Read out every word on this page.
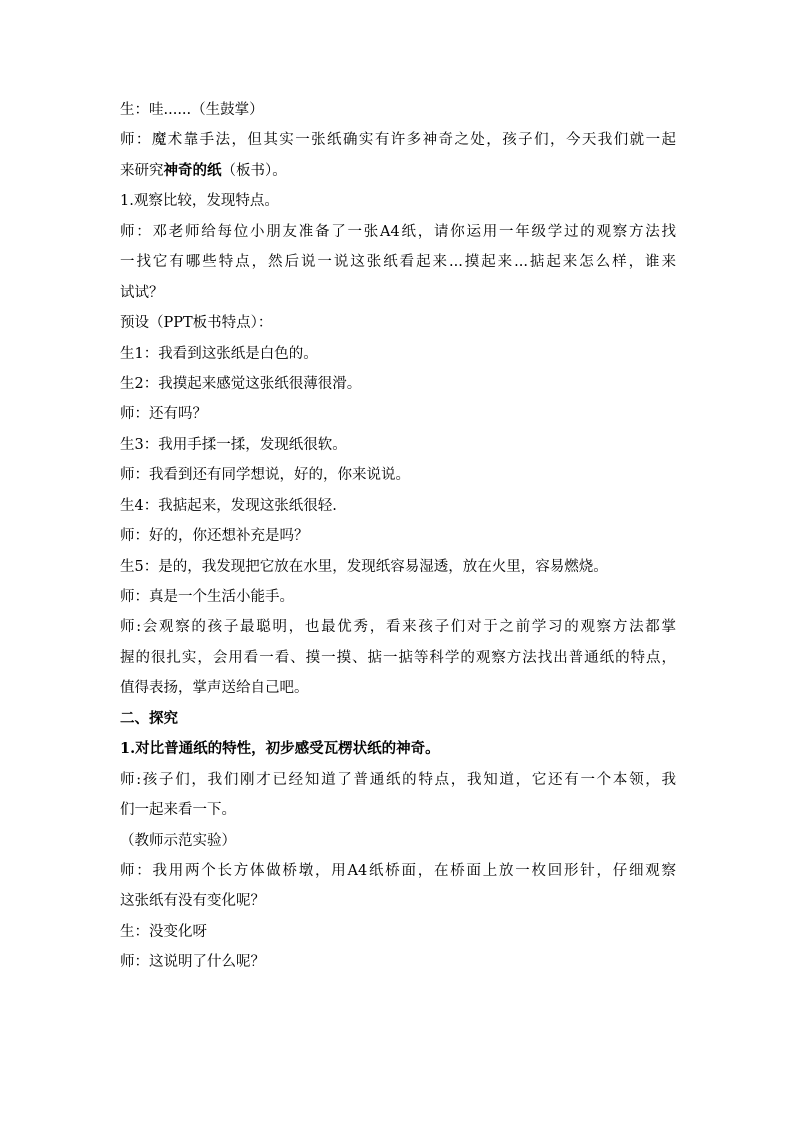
生：哇......（生鼓掌）
师：魔术靠手法，但其实一张纸确实有许多神奇之处，孩子们，今天我们就一起
来研究神奇的纸（板书）。
1.观察比较，发现特点。
师：邓老师给每位小朋友准备了一张A4纸，请你运用一年级学过的观察方法找
一找它有哪些特点，然后说一说这张纸看起来...摸起来...掂起来怎么样，谁来
试试？
预设（PPT板书特点）：
生1：我看到这张纸是白色的。
生2：我摸起来感觉这张纸很薄很滑。
师：还有吗？
生3：我用手揉一揉，发现纸很软。
师：我看到还有同学想说，好的，你来说说。
生4：我掂起来，发现这张纸很轻.
师：好的，你还想补充是吗？
生5：是的，我发现把它放在水里，发现纸容易湿透，放在火里，容易燃烧。
师：真是一个生活小能手。
师:会观察的孩子最聪明，也最优秀，看来孩子们对于之前学习的观察方法都掌
握的很扎实，会用看一看、摸一摸、掂一掂等科学的观察方法找出普通纸的特点，
值得表扬，掌声送给自己吧。
二、探究
1.对比普通纸的特性，初步感受瓦楞状纸的神奇。
师:孩子们，我们刚才已经知道了普通纸的特点，我知道，它还有一个本领，我
们一起来看一下。
（教师示范实验）
师：我用两个长方体做桥墩，用A4纸桥面，在桥面上放一枚回形针，仔细观察
这张纸有没有变化呢？
生：没变化呀
师：这说明了什么呢？
